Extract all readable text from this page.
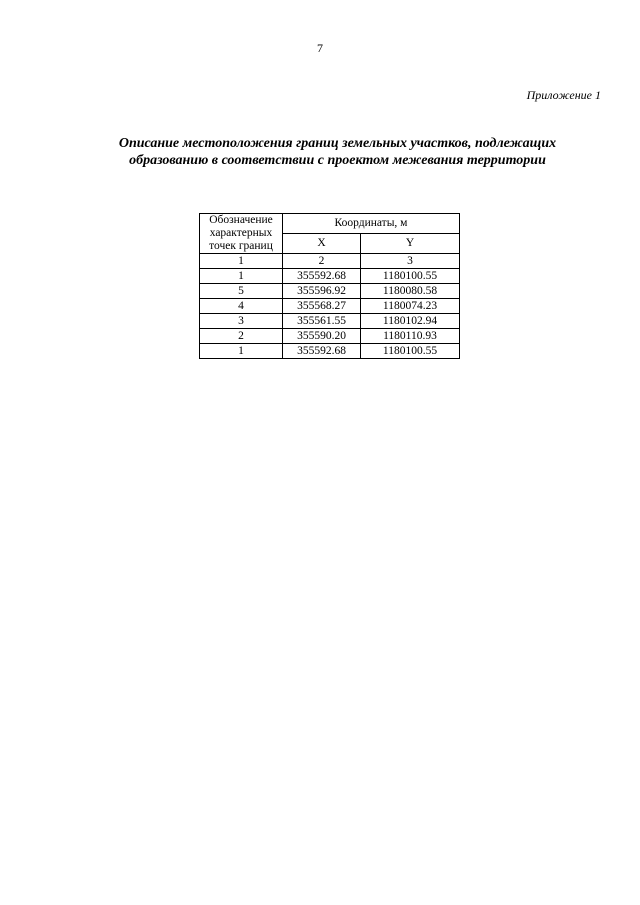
7
Приложение 1
Описание местоположения границ земельных участков, подлежащих
образованию в соответствии с проектом межевания территории
Обозначение
характерных
точек границ	Координаты, м	
	X	Y
1	2	3
1	355592.68	1180100.55
5	355596.92	1180080.58
4	355568.27	1180074.23
3	355561.55	1180102.94
2	355590.20	1180110.93
1	355592.68	1180100.55
